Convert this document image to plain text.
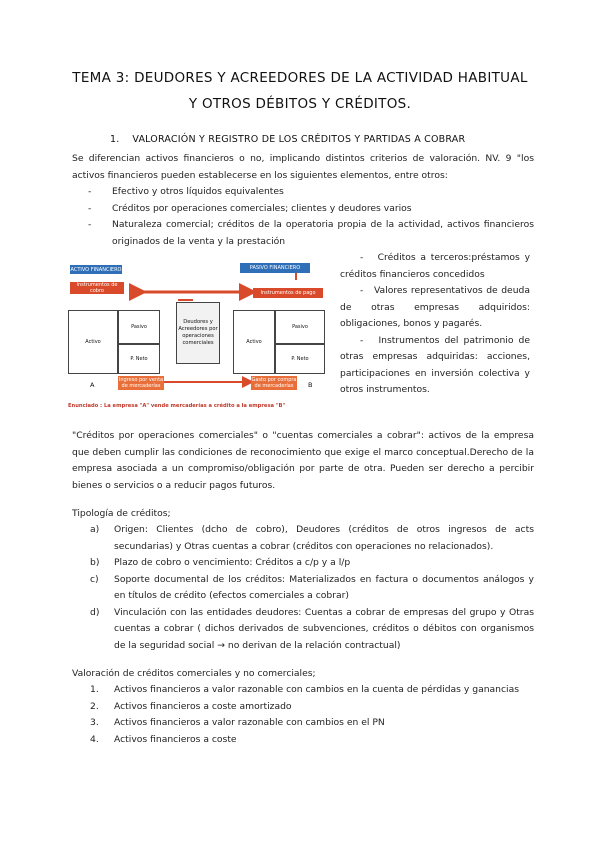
TEMA 3: DEUDORES Y ACREEDORES DE LA ACTIVIDAD HABITUAL
Y OTROS DÉBITOS Y CRÉDITOS.
1. VALORACIÓN Y REGISTRO DE LOS CRÉDITOS Y PARTIDAS A COBRAR
Se diferencian activos financieros o no, implicando distintos criterios de valoración. NV. 9 "los activos financieros pueden establecerse en los siguientes elementos, entre otros:
- Efectivo y otros líquidos equivalentes
- Créditos por operaciones comerciales; clientes y deudores varios
- Naturaleza comercial; créditos de la operatoria propia de la actividad, activos financieros originados de la venta y la prestación
ACTIVO FINANCIERO
Instrumentos de cobro
PASIVO FINANCIERO
Instrumentos de pago
Activo
Pasivo
P. Neto
Deudores y Acreedores por operaciones comerciales	Activo
Pasivo
P. Neto
Ingreso por venta de mercaderías
Gasto por compra de mercaderías
A	B
Enunciado : La empresa "A" vende mercaderías a crédito a la empresa "B"

- Créditos a terceros:préstamos y créditos financieros concedidos

- Valores representativos de deuda de otras empresas adquiridos: obligaciones, bonos y pagarés.

- Instrumentos del patrimonio de otras empresas adquiridas: acciones, participaciones en inversión colectiva y otros instrumentos.

"Créditos por operaciones comerciales" o "cuentas comerciales a cobrar": activos de la empresa que deben cumplir las condiciones de reconocimiento que exige el marco conceptual.Derecho de la empresa asociada a un compromiso/obligación por parte de otra. Pueden ser derecho a percibir bienes o servicios o a reducir pagos futuros.
Tipología de créditos;
a) Origen: Clientes (dcho de cobro), Deudores (créditos de otros ingresos de acts secundarias) y Otras cuentas a cobrar (créditos con operaciones no relacionados).
b) Plazo de cobro o vencimiento: Créditos a c/p y a l/p
c) Soporte documental de los créditos: Materializados en factura o documentos análogos y en títulos de crédito (efectos comerciales a cobrar)
d) Vinculación con las entidades deudores: Cuentas a cobrar de empresas del grupo y Otras cuentas a cobrar ( dichos derivados de subvenciones, créditos o débitos con organismos de la seguridad social → no derivan de la relación contractual)
Valoración de créditos comerciales y no comerciales;
1. Activos financieros a valor razonable con cambios en la cuenta de pérdidas y ganancias
2. Activos financieros a coste amortizado
3. Activos financieros a valor razonable con cambios en el PN
4. Activos financieros a coste
